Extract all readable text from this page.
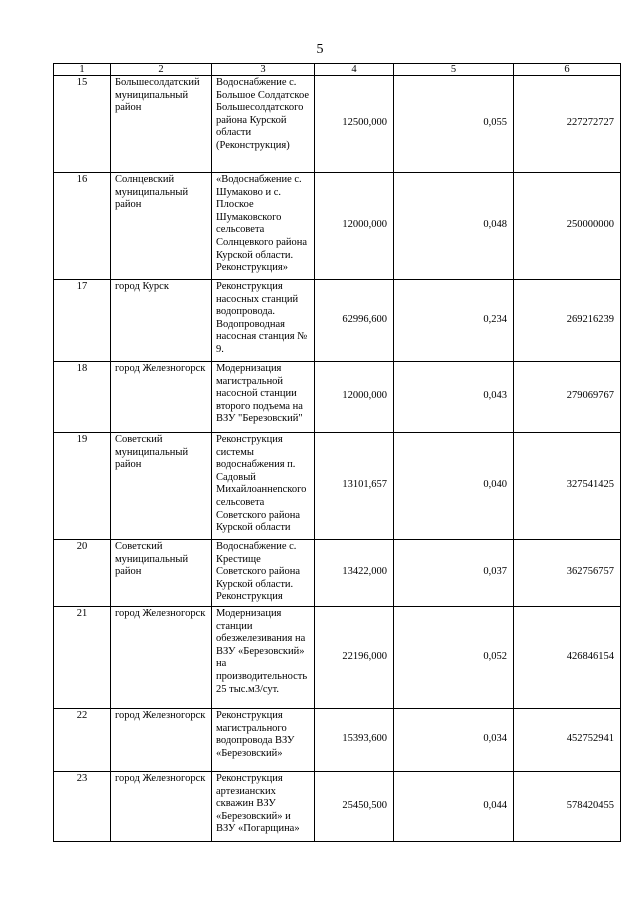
5
1	2	3	4	5	6
15	Большесолдатский муниципальный район	Водоснабжение с. Большое Солдатское Большесолдатского района Курской области (Реконструкция)	12500,000	0,055	227272727
16	Солнцевский муниципальный район	«Водоснабжение с. Шумаково и с. Плоское Шумаковского сельсовета Солнцевкого района Курской области. Реконструкция»	12000,000	0,048	250000000
17	город Курск	Реконструкция насосных станций водопровода. Водопроводная насосная станция № 9.	62996,600	0,234	269216239
18	город Железногорск	Модернизация магистральной насосной станции второго подъема на ВЗУ "Березовский"	12000,000	0,043	279069767
19	Советский муниципальный район	Реконструкция системы водоснабжения п. Садовый Михайлоаннenского сельсовета Советского района Курской области	13101,657	0,040	327541425
20	Советский муниципальный район	Водоснабжение с. Крестище Советского района Курской области. Реконструкция	13422,000	0,037	362756757
21	город Железногорск	Модернизация станции обезжелезивания на ВЗУ «Березовский» на производительность 25 тыс.м3/сут.	22196,000	0,052	426846154
22	город Железногорск	Реконструкция магистрального водопровода ВЗУ «Березовский»	15393,600	0,034	452752941
23	город Железногорск	Реконструкция артезианских скважин ВЗУ «Березовский» и ВЗУ «Погарщина»	25450,500	0,044	578420455
